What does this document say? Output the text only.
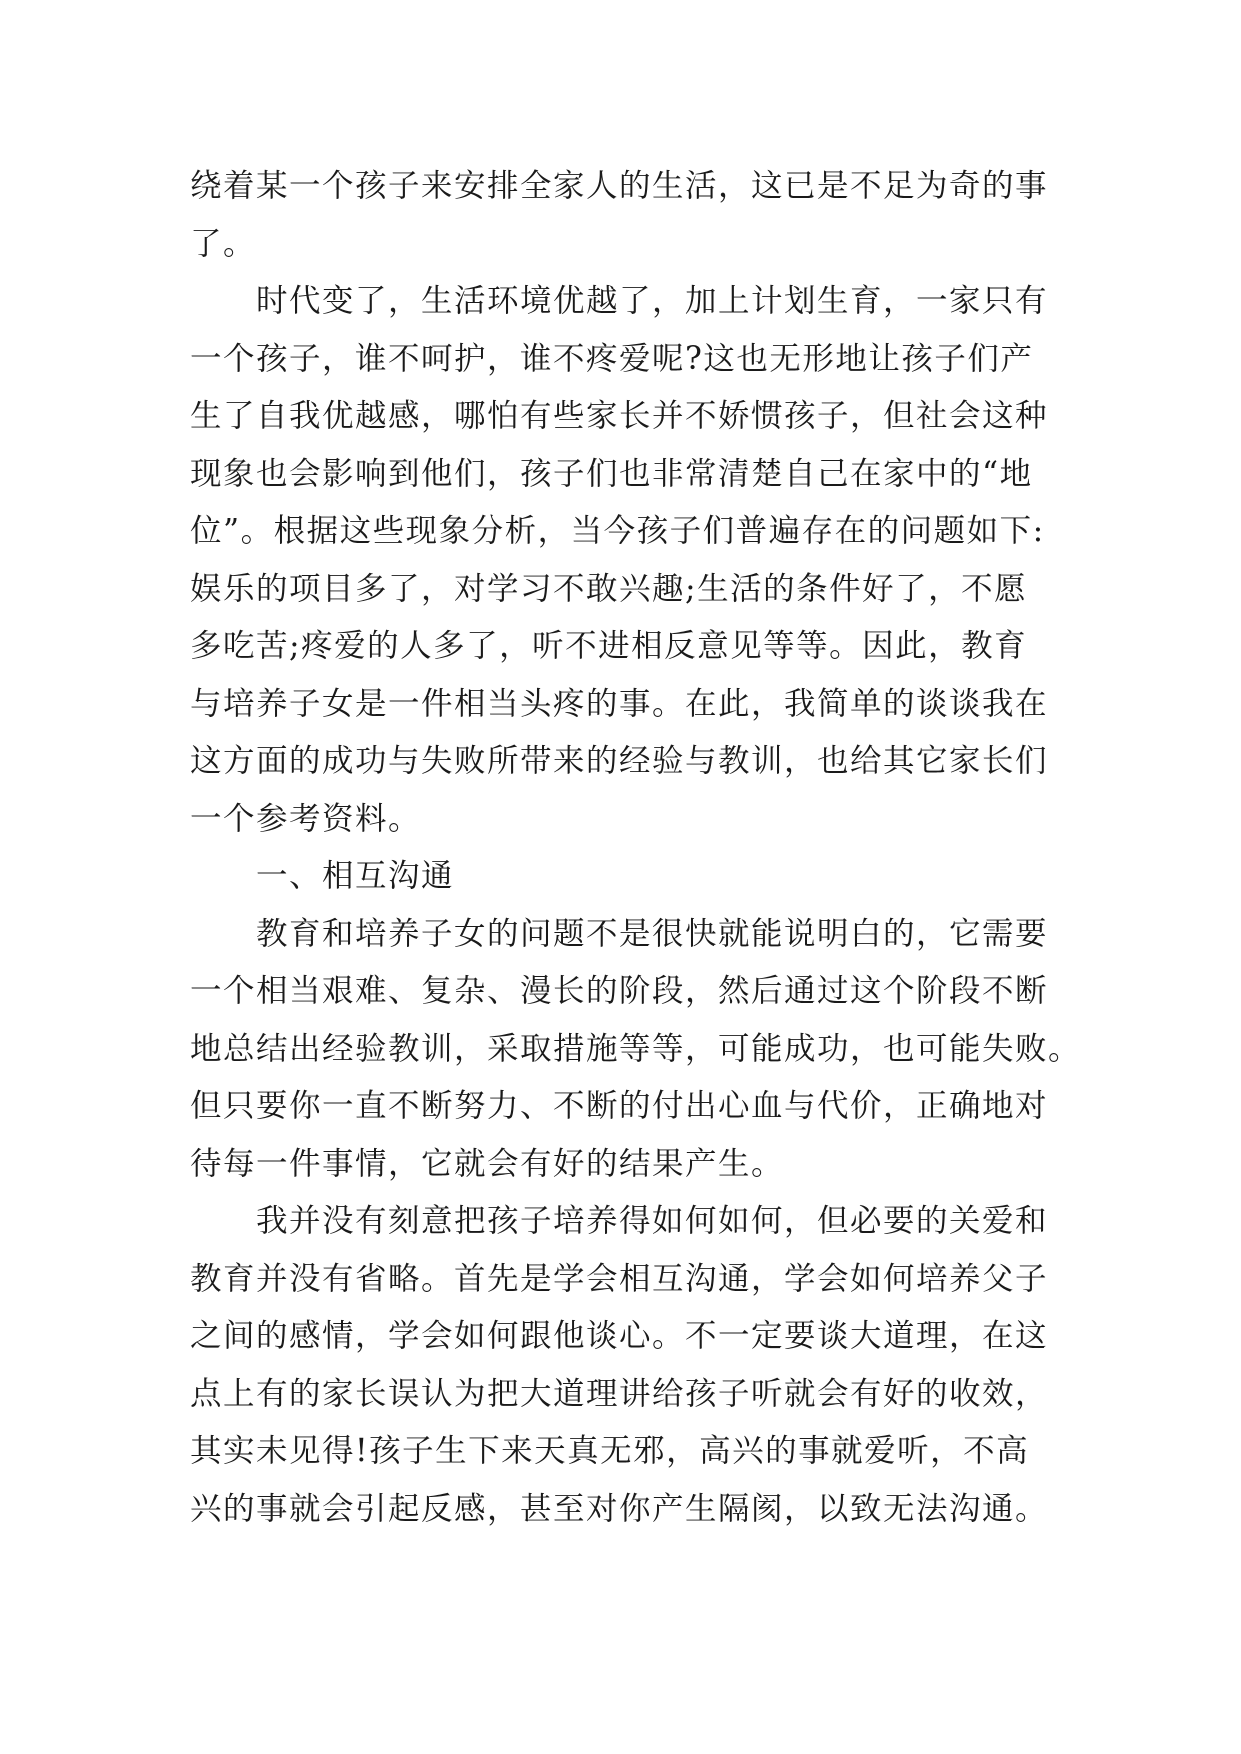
绕着某一个孩子来安排全家人的生活，这已是不足为奇的事
了。
时代变了，生活环境优越了，加上计划生育，一家只有
一个孩子，谁不呵护，谁不疼爱呢?这也无形地让孩子们产
生了自我优越感，哪怕有些家长并不娇惯孩子，但社会这种
现象也会影响到他们，孩子们也非常清楚自己在家中的“地
位”。根据这些现象分析，当今孩子们普遍存在的问题如下:
娱乐的项目多了，对学习不敢兴趣;生活的条件好了，不愿
多吃苦;疼爱的人多了，听不进相反意见等等。因此，教育
与培养子女是一件相当头疼的事。在此，我简单的谈谈我在
这方面的成功与失败所带来的经验与教训，也给其它家长们
一个参考资料。
一、相互沟通
教育和培养子女的问题不是很快就能说明白的，它需要
一个相当艰难、复杂、漫长的阶段，然后通过这个阶段不断
地总结出经验教训，采取措施等等，可能成功，也可能失败。
但只要你一直不断努力、不断的付出心血与代价，正确地对
待每一件事情，它就会有好的结果产生。
我并没有刻意把孩子培养得如何如何，但必要的关爱和
教育并没有省略。首先是学会相互沟通，学会如何培养父子
之间的感情，学会如何跟他谈心。不一定要谈大道理，在这
点上有的家长误认为把大道理讲给孩子听就会有好的收效，
其实未见得!孩子生下来天真无邪，高兴的事就爱听，不高
兴的事就会引起反感，甚至对你产生隔阂，以致无法沟通。
